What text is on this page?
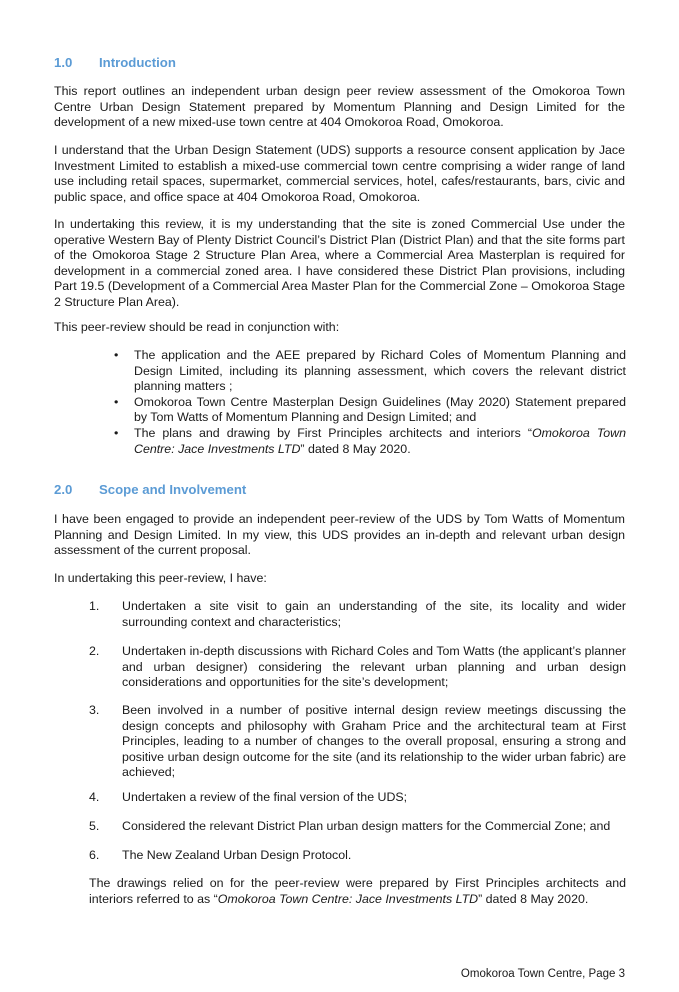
1.0	Introduction

This report outlines an independent urban design peer review assessment of the Omokoroa Town Centre Urban Design Statement prepared by Momentum Planning and Design Limited for the development of a new mixed-use town centre at 404 Omokoroa Road, Omokoroa.

I understand that the Urban Design Statement (UDS) supports a resource consent application by Jace Investment Limited to establish a mixed-use commercial town centre comprising a wider range of land use including retail spaces, supermarket, commercial services, hotel, cafes/restaurants, bars, civic and public space, and office space at 404 Omokoroa Road, Omokoroa.

In undertaking this review, it is my understanding that the site is zoned Commercial Use under the operative Western Bay of Plenty District Council’s District Plan (District Plan) and that the site forms part of the Omokoroa Stage 2 Structure Plan Area, where a Commercial Area Masterplan is required for development in a commercial zoned area. I have considered these District Plan provisions, including Part 19.5 (Development of a Commercial Area Master Plan for the Commercial Zone – Omokoroa Stage 2 Structure Plan Area).

This peer-review should be read in conjunction with:

• The application and the AEE prepared by Richard Coles of Momentum Planning and Design Limited, including its planning assessment, which covers the relevant district planning matters ;
• Omokoroa Town Centre Masterplan Design Guidelines (May 2020) Statement prepared by Tom Watts of Momentum Planning and Design Limited; and
• The plans and drawing by First Principles architects and interiors “Omokoroa Town Centre: Jace Investments LTD” dated 8 May 2020.
2.0	Scope and Involvement

I have been engaged to provide an independent peer-review of the UDS by Tom Watts of Momentum Planning and Design Limited. In my view, this UDS provides an in-depth and relevant urban design assessment of the current proposal.

In undertaking this peer-review, I have:

1.	Undertaken a site visit to gain an understanding of the site, its locality and wider surrounding context and characteristics;
2.	Undertaken in-depth discussions with Richard Coles and Tom Watts (the applicant’s planner and urban designer) considering the relevant urban planning and urban design considerations and opportunities for the site’s development;
3.	Been involved in a number of positive internal design review meetings discussing the design concepts and philosophy with Graham Price and the architectural team at First Principles, leading to a number of changes to the overall proposal, ensuring a strong and positive urban design outcome for the site (and its relationship to the wider urban fabric) are achieved;
4.	Undertaken a review of the final version of the UDS;
5.	Considered the relevant District Plan urban design matters for the Commercial Zone; and
6.	The New Zealand Urban Design Protocol.

The drawings relied on for the peer-review were prepared by First Principles architects and interiors referred to as “Omokoroa Town Centre: Jace Investments LTD” dated 8 May 2020.

Omokoroa Town Centre, Page 3
